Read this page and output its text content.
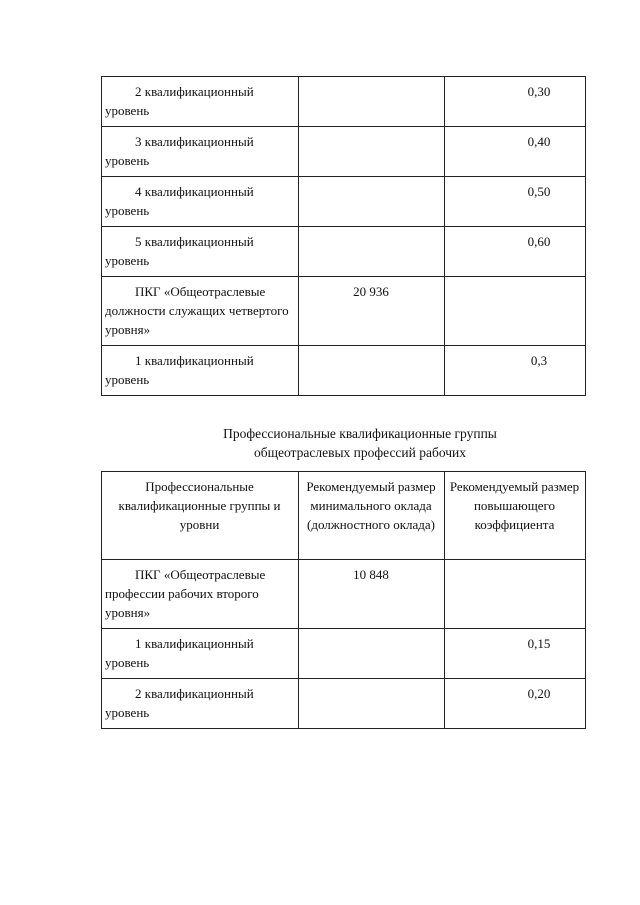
2 квалификационный уровень		0,30
3 квалификационный уровень		0,40
4 квалификационный уровень		0,50
5 квалификационный уровень		0,60
ПКГ «Общеотраслевые должности служащих четвертого уровня»	20 936	
1 квалификационный уровень		0,3
Профессиональные квалификационные группы
общеотраслевых профессий рабочих
Профессиональные квалификационные группы и уровни	Рекомендуемый размер минимального оклада (должностного оклада)	Рекомендуемый размер повышающего коэффициента
ПКГ «Общеотраслевые профессии рабочих второго уровня»	10 848	
1 квалификационный уровень		0,15
2 квалификационный уровень		0,20
